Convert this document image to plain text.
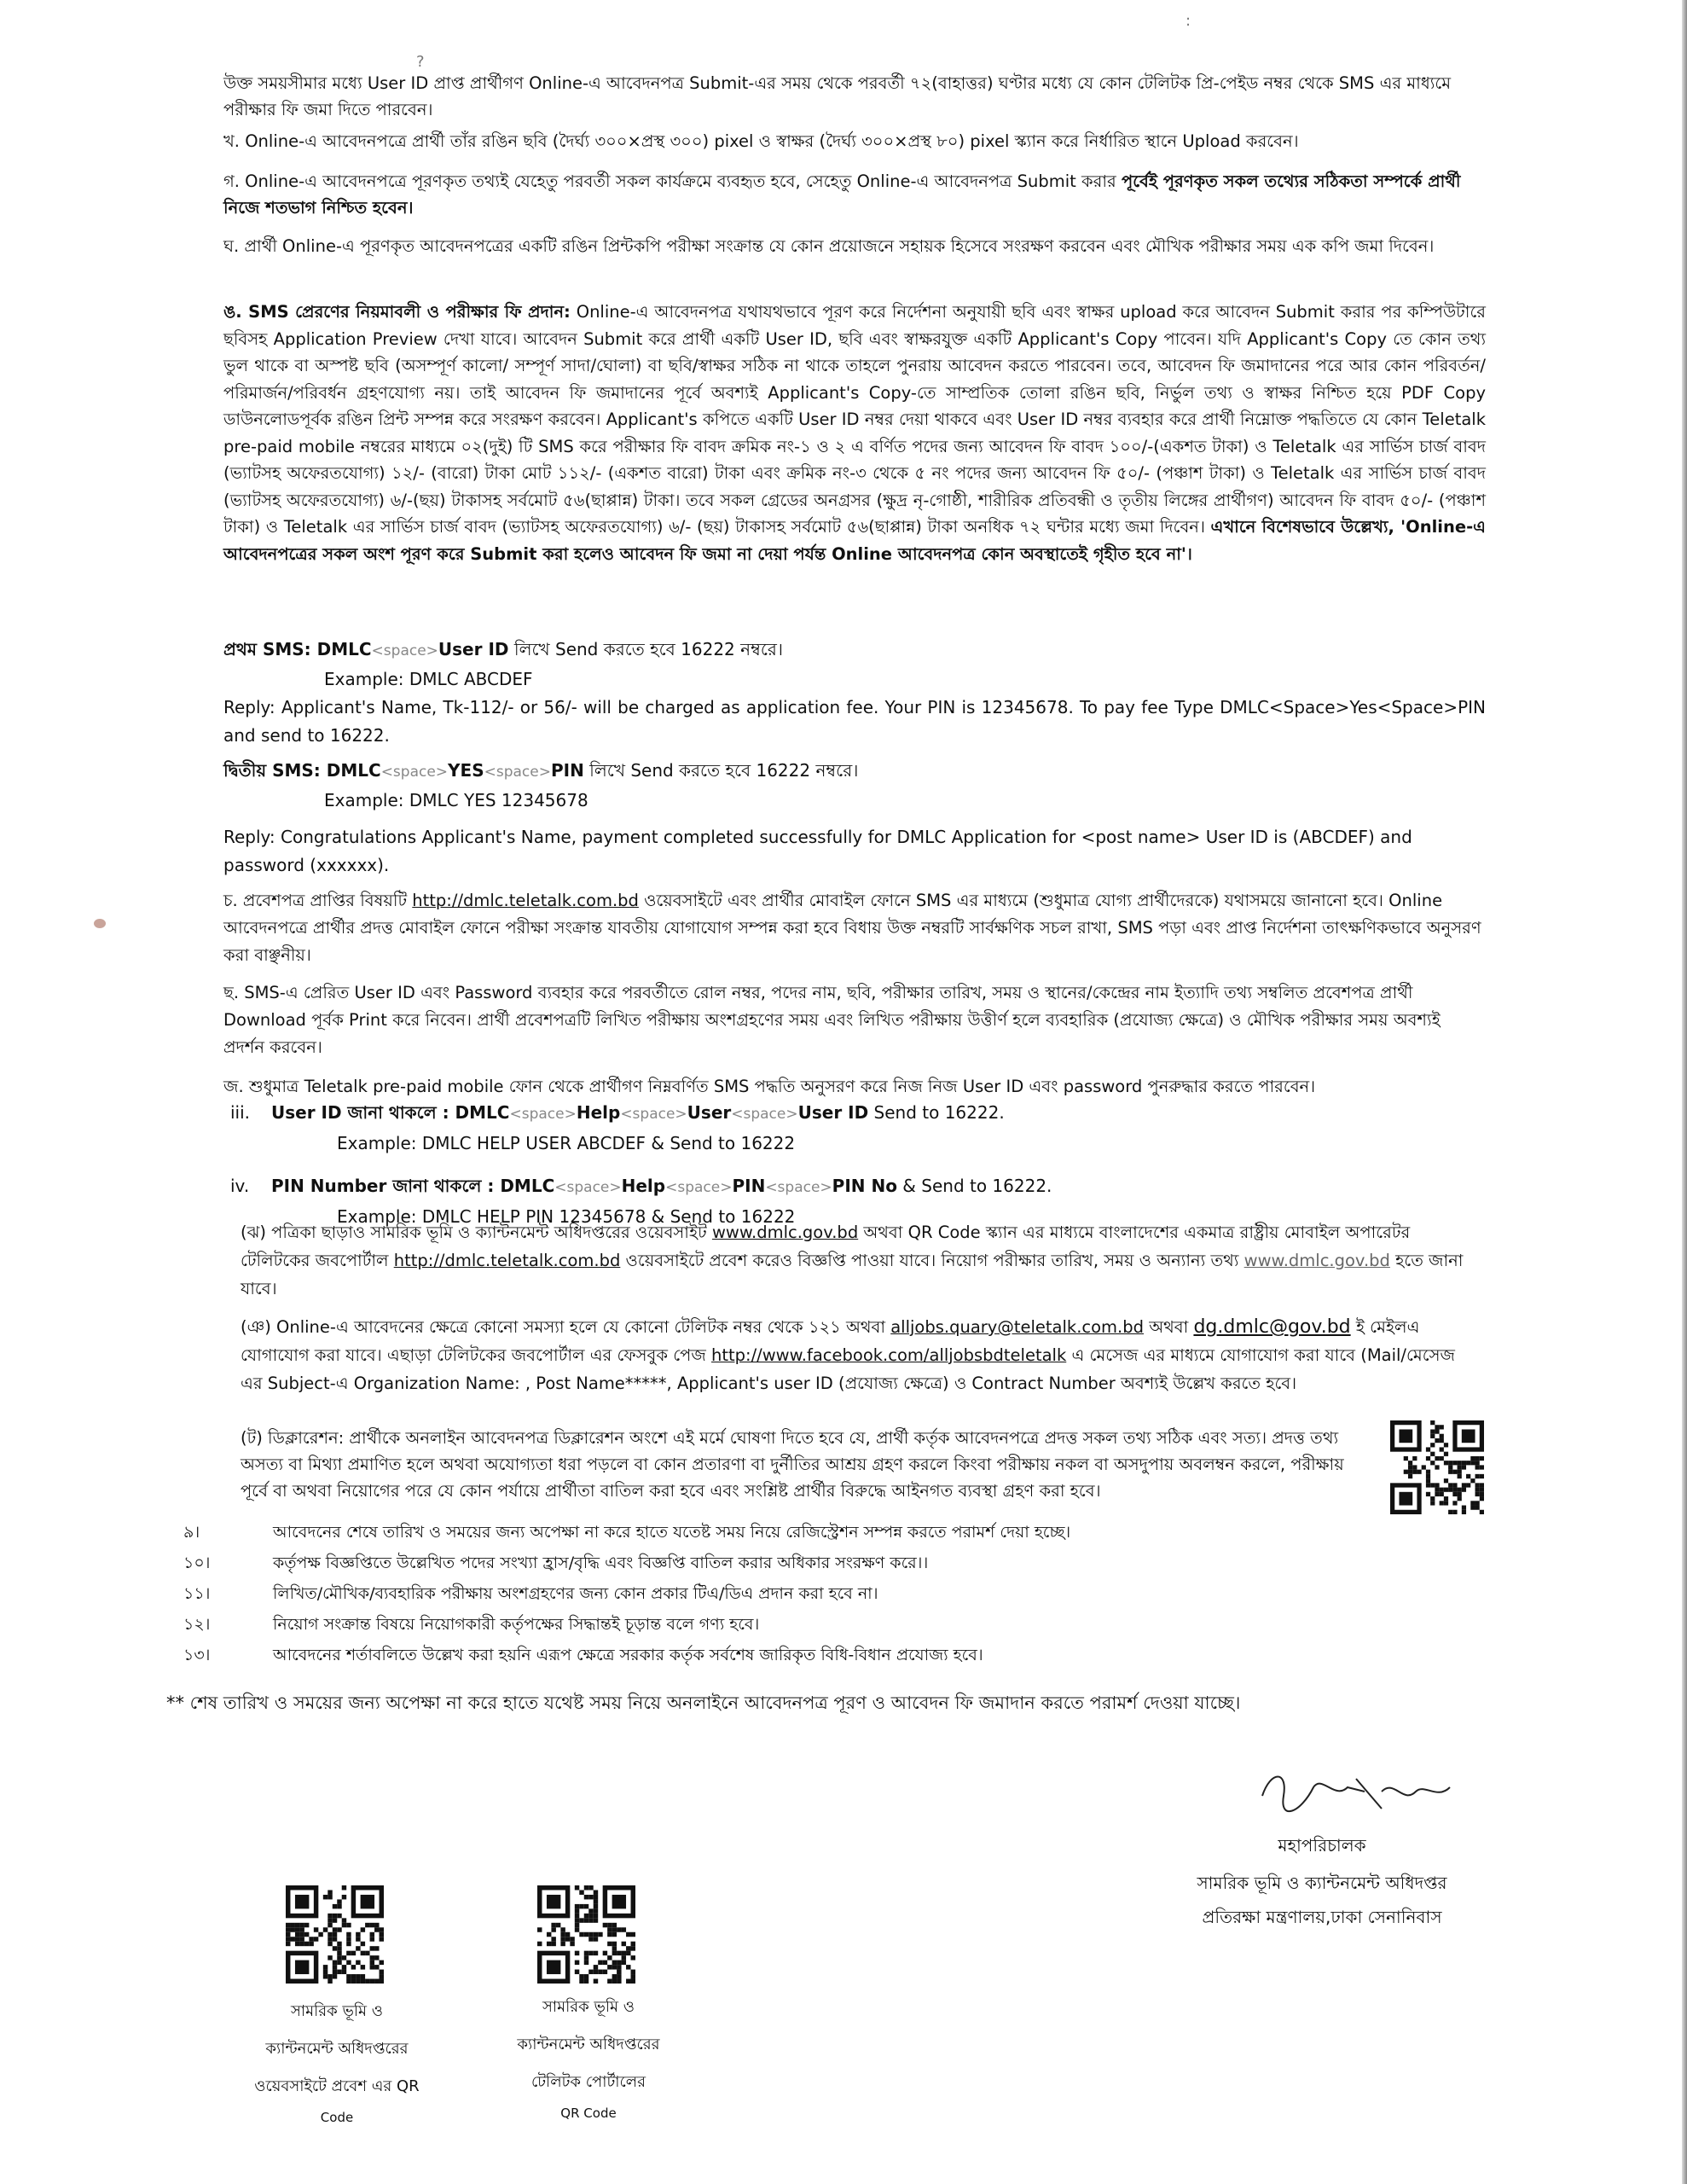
?
:

উক্ত সময়সীমার মধ্যে User ID প্রাপ্ত প্রার্থীগণ Online-এ আবেদনপত্র Submit-এর সময় থেকে পরবর্তী ৭২(বাহাত্তর) ঘণ্টার মধ্যে যে কোন টেলিটক প্রি-পেইড নম্বর থেকে SMS এর মাধ্যমে পরীক্ষার ফি জমা দিতে পারবেন।

খ. Online-এ আবেদনপত্রে প্রার্থী তাঁর রঙিন ছবি (দৈর্ঘ্য ৩০০×প্রস্থ ৩০০) pixel ও স্বাক্ষর (দৈর্ঘ্য ৩০০×প্রস্থ ৮০) pixel স্ক্যান করে নির্ধারিত স্থানে Upload করবেন।

গ. Online-এ আবেদনপত্রে পূরণকৃত তথ্যই যেহেতু পরবর্তী সকল কার্যক্রমে ব্যবহৃত হবে, সেহেতু Online-এ আবেদনপত্র Submit করার পূর্বেই পূরণকৃত সকল তথ্যের সঠিকতা সম্পর্কে প্রার্থী নিজে শতভাগ নিশ্চিত হবেন।

ঘ. প্রার্থী Online-এ পূরণকৃত আবেদনপত্রের একটি রঙিন প্রিন্টকপি পরীক্ষা সংক্রান্ত যে কোন প্রয়োজনে সহায়ক হিসেবে সংরক্ষণ করবেন এবং মৌখিক পরীক্ষার সময় এক কপি জমা দিবেন।

ঙ. SMS প্রেরণের নিয়মাবলী ও পরীক্ষার ফি প্রদান: Online-এ আবেদনপত্র যথাযথভাবে পূরণ করে নির্দেশনা অনুযায়ী ছবি এবং স্বাক্ষর upload করে আবেদন Submit করার পর কম্পিউটারে ছবিসহ Application Preview দেখা যাবে। আবেদন Submit করে প্রার্থী একটি User ID, ছবি এবং স্বাক্ষরযুক্ত একটি Applicant's Copy পাবেন। যদি Applicant's Copy তে কোন তথ্য ভুল থাকে বা অস্পষ্ট ছবি (অসম্পূর্ণ কালো/ সম্পূর্ণ সাদা/ঘোলা) বা ছবি/স্বাক্ষর সঠিক না থাকে তাহলে পুনরায় আবেদন করতে পারবেন। তবে, আবেদন ফি জমাদানের পরে আর কোন পরিবর্তন/পরিমার্জন/পরিবর্ধন গ্রহণযোগ্য নয়। তাই আবেদন ফি জমাদানের পূর্বে অবশ্যই Applicant's Copy-তে সাম্প্রতিক তোলা রঙিন ছবি, নির্ভুল তথ্য ও স্বাক্ষর নিশ্চিত হয়ে PDF Copy ডাউনলোডপূর্বক রঙিন প্রিন্ট সম্পন্ন করে সংরক্ষণ করবেন। Applicant's কপিতে একটি User ID নম্বর দেয়া থাকবে এবং User ID নম্বর ব্যবহার করে প্রার্থী নিম্নোক্ত পদ্ধতিতে যে কোন Teletalk pre-paid mobile নম্বরের মাধ্যমে ০২(দুই) টি SMS করে পরীক্ষার ফি বাবদ ক্রমিক নং-১ ও ২ এ বর্ণিত পদের জন্য আবেদন ফি বাবদ ১০০/-(একশত টাকা) ও Teletalk এর সার্ভিস চার্জ বাবদ (ভ্যাটসহ অফেরতযোগ্য) ১২/- (বারো) টাকা মোট ১১২/- (একশত বারো) টাকা এবং ক্রমিক নং-৩ থেকে ৫ নং পদের জন্য আবেদন ফি ৫০/- (পঞ্চাশ টাকা) ও Teletalk এর সার্ভিস চার্জ বাবদ (ভ্যাটসহ অফেরতযোগ্য) ৬/-(ছয়) টাকাসহ সর্বমোট ৫৬(ছাপ্পান্ন) টাকা। তবে সকল গ্রেডের অনগ্রসর (ক্ষুদ্র নৃ-গোষ্ঠী, শারীরিক প্রতিবন্ধী ও তৃতীয় লিঙ্গের প্রার্থীগণ) আবেদন ফি বাবদ ৫০/- (পঞ্চাশ টাকা) ও Teletalk এর সার্ভিস চার্জ বাবদ (ভ্যাটসহ অফেরতযোগ্য) ৬/- (ছয়) টাকাসহ সর্বমোট ৫৬(ছাপ্পান্ন) টাকা অনধিক ৭২ ঘন্টার মধ্যে জমা দিবেন। এখানে বিশেষভাবে উল্লেখ্য, 'Online-এ আবেদনপত্রের সকল অংশ পূরণ করে Submit করা হলেও আবেদন ফি জমা না দেয়া পর্যন্ত Online আবেদনপত্র কোন অবস্থাতেই গৃহীত হবে না'।

প্রথম SMS: DMLC<space>User ID লিখে Send করতে হবে 16222 নম্বরে।

Example: DMLC ABCDEF

Reply: Applicant's Name, Tk-112/- or 56/- will be charged as application fee. Your PIN is 12345678. To pay fee Type DMLC<Space>Yes<Space>PIN and send to 16222.

দ্বিতীয় SMS: DMLC<space>YES<space>PIN লিখে Send করতে হবে 16222 নম্বরে।

Example: DMLC YES 12345678

Reply: Congratulations Applicant's Name, payment completed successfully for DMLC Application for <post name> User ID is (ABCDEF) and password (xxxxxx).

চ. প্রবেশপত্র প্রাপ্তির বিষয়টি http://dmlc.teletalk.com.bd ওয়েবসাইটে এবং প্রার্থীর মোবাইল ফোনে SMS এর মাধ্যমে (শুধুমাত্র যোগ্য প্রার্থীদেরকে) যথাসময়ে জানানো হবে। Online আবেদনপত্রে প্রার্থীর প্রদত্ত মোবাইল ফোনে পরীক্ষা সংক্রান্ত যাবতীয় যোগাযোগ সম্পন্ন করা হবে বিধায় উক্ত নম্বরটি সার্বক্ষণিক সচল রাখা, SMS পড়া এবং প্রাপ্ত নির্দেশনা তাৎক্ষণিকভাবে অনুসরণ করা বাঞ্ছনীয়।

ছ. SMS-এ প্রেরিত User ID এবং Password ব্যবহার করে পরবর্তীতে রোল নম্বর, পদের নাম, ছবি, পরীক্ষার তারিখ, সময় ও স্থানের/কেন্দ্রের নাম ইত্যাদি তথ্য সম্বলিত প্রবেশপত্র প্রার্থী Download পূর্বক Print করে নিবেন। প্রার্থী প্রবেশপত্রটি লিখিত পরীক্ষায় অংশগ্রহণের সময় এবং লিখিত পরীক্ষায় উত্তীর্ণ হলে ব্যবহারিক (প্রযোজ্য ক্ষেত্রে) ও মৌখিক পরীক্ষার সময় অবশ্যই প্রদর্শন করবেন।

জ. শুধুমাত্র Teletalk pre-paid mobile ফোন থেকে প্রার্থীগণ নিম্নবর্ণিত SMS পদ্ধতি অনুসরণ করে নিজ নিজ User ID এবং password পুনরুদ্ধার করতে পারবেন।

iii. User ID জানা থাকলে : DMLC<space>Help<space>User<space>User ID Send to 16222.

Example: DMLC HELP USER ABCDEF & Send to 16222

iv. PIN Number জানা থাকলে : DMLC<space>Help<space>PIN<space>PIN No & Send to 16222.

Example: DMLC HELP PIN 12345678 & Send to 16222

(ঝ) পত্রিকা ছাড়াও সামরিক ভূমি ও ক্যান্টনমেন্ট অধিদপ্তরের ওয়েবসাইট www.dmlc.gov.bd অথবা QR Code স্ক্যান এর মাধ্যমে বাংলাদেশের একমাত্র রাষ্ট্রীয় মোবাইল অপারেটর টেলিটকের জবপোর্টাল http://dmlc.teletalk.com.bd ওয়েবসাইটে প্রবেশ করেও বিজ্ঞপ্তি পাওয়া যাবে। নিয়োগ পরীক্ষার তারিখ, সময় ও অন্যান্য তথ্য www.dmlc.gov.bd হতে জানা যাবে।

(ঞ) Online-এ আবেদনের ক্ষেত্রে কোনো সমস্যা হলে যে কোনো টেলিটক নম্বর থেকে ১২১ অথবা alljobs.quary@teletalk.com.bd অথবা dg.dmlc@gov.bd ই মেইলএ যোগাযোগ করা যাবে। এছাড়া টেলিটকের জবপোর্টাল এর ফেসবুক পেজ http://www.facebook.com/alljobsbdteletalk এ মেসেজ এর মাধ্যমে যোগাযোগ করা যাবে (Mail/মেসেজ এর Subject-এ Organization Name: , Post Name*****, Applicant's user ID (প্রযোজ্য ক্ষেত্রে) ও Contract Number অবশ্যই উল্লেখ করতে হবে।

(ট) ডিক্লারেশন: প্রার্থীকে অনলাইন আবেদনপত্র ডিক্লারেশন অংশে এই মর্মে ঘোষণা দিতে হবে যে, প্রার্থী কর্তৃক আবেদনপত্রে প্রদত্ত সকল তথ্য সঠিক এবং সত্য। প্রদত্ত তথ্য অসত্য বা মিথ্যা প্রমাণিত হলে অথবা অযোগ্যতা ধরা পড়লে বা কোন প্রতারণা বা দুর্নীতির আশ্রয় গ্রহণ করলে কিংবা পরীক্ষায় নকল বা অসদুপায় অবলম্বন করলে, পরীক্ষায় পূর্বে বা অথবা নিয়োগের পরে যে কোন পর্যায়ে প্রার্থীতা বাতিল করা হবে এবং সংশ্লিষ্ট প্রার্থীর বিরুদ্ধে আইনগত ব্যবস্থা গ্রহণ করা হবে।

৯।	আবেদনের শেষে তারিখ ও সময়ের জন্য অপেক্ষা না করে হাতে যতেষ্ট সময় নিয়ে রেজিস্ট্রেশন সম্পন্ন করতে পরামর্শ দেয়া হচ্ছে।
১০।	কর্তৃপক্ষ বিজ্ঞপ্তিতে উল্লেখিত পদের সংখ্যা হ্রাস/বৃদ্ধি এবং বিজ্ঞপ্তি বাতিল করার অধিকার সংরক্ষণ করে।।
১১।	লিখিত/মৌখিক/ব্যবহারিক পরীক্ষায় অংশগ্রহণের জন্য কোন প্রকার টিএ/ডিএ প্রদান করা হবে না।
১২।	নিয়োগ সংক্রান্ত বিষয়ে নিয়োগকারী কর্তৃপক্ষের সিদ্ধান্তই চূড়ান্ত বলে গণ্য হবে।
১৩।	আবেদনের শর্তাবলিতে উল্লেখ করা হয়নি এরূপ ক্ষেত্রে সরকার কর্তৃক সর্বশেষ জারিকৃত বিধি-বিধান প্রযোজ্য হবে।
** শেষ তারিখ ও সময়ের জন্য অপেক্ষা না করে হাতে যথেষ্ট সময় নিয়ে অনলাইনে আবেদনপত্র পূরণ ও আবেদন ফি জমাদান করতে পরামর্শ দেওয়া যাচ্ছে।
মহাপরিচালক
সামরিক ভূমি ও ক্যান্টনমেন্ট অধিদপ্তর
প্রতিরক্ষা মন্ত্রণালয়,ঢাকা সেনানিবাস
সামরিক ভূমি ও
ক্যান্টনমেন্ট অধিদপ্তরের
ওয়েবসাইটে প্রবেশ এর QR
Code
সামরিক ভূমি ও
ক্যান্টনমেন্ট অধিদপ্তরের
টেলিটক পোর্টালের
QR Code
